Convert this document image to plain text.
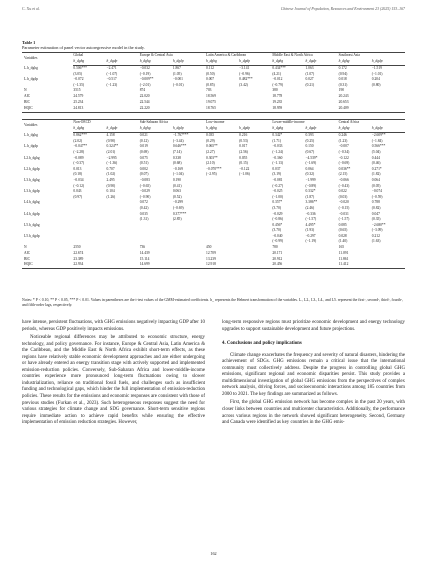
C. Xu et al.	Chinese Journal of Population, Resources and Environment 23 (2025) 153–167
Table 1
Parameter estimation of panel vector autoregressive model in the study.
Variables	Global		Europe & Central Asia		Latin America & Caribbean		Middle East & North Africa		Southeast Asia	
	h_dghg	h_dgdp	h_dghg	h_dgdp	h_dghg	h_dgdp	h_dghg	h_dgdp	h_dghg	h_dgdp
L.h_dghg	0.506***	−2.471	−0.032	1.867	0.112	−3.141	0.434***	1.063	0.172	−1.519
	(3.05)	(−1.07)	(−0.19)	(1.05)	(0.50)	(−0.96)	(4.21)	(1.07)	(0.94)	(−1.01)
L.h_dgdp	−0.072	−0.517	−0.009**	−0.001	0.007	0.482***	−0.012	0.027	0.018	0.204
	(−1.35)	(−1.23)	(−2.01)	(−0.01)	(0.85)	(3.42)	(−0.79)	(0.21)	(0.31)	(0.80)
N	3515		874		703		380		190	
AIC	24.579		22.020		18.569		18.778		20.243	
BIC	25.234		22.544		19.075		19.235		20.653	
HQIC	24.813		22.220		18.765		18.959		20.409	
Variables	Non-OECD		Sub-Saharan Africa		Low-income		Lower-middle-income		Central Africa	
	h_dghg	h_dgdp	h_dghg	h_dgdp	h_dghg	h_dgdp	h_dghg	h_dgdp	h_dghg	h_dgdp
L.h_dghg	0.862***	4.158	0.021	−1.767***	0.035	0.216	0.342*	0.393	0.246	−2.609**
	(2.02)	(0.90)	(0.12)	(−3.44)	(0.29)	(0.53)	(1.71)	(0.25)	(1.23)	(−1.84)
L.h_dgdp	−0.047**	0.324**	0.019	0.646***	0.065**	0.017	−0.033	0.150	−0.007	0.566***
	(−2.28)	(2.01)	(0.69)	(7.14)	(2.27)	(2.56)	(−1.24)	(0.67)	(−0.34)	(5.04)
L2.h_dghg	−0.089	−2.995	0.075	0.338	0.303**	0.055	−0.360	−4.539*	−0.122	0.444
	(−0.37)	(−1.36)	(0.51)	(0.68)	(2.10)	(0.15)	(−1.13)	(−1.69)	(−0.69)	(0.46)
L2.h_dgdp	0.013	0.707	0.002	−0.169	−0.070***	−0.122	0.037	0.064	0.036**	0.271*
	(0.18)	(1.02)	(0.07)	(−1.04)	(−2.95)	(−1.06)	(3.19)	(0.32)	(2.15)	(1.82)
L3.h_dghg	−0.034	2.495	−0.083	0.190			−0.081	−1.999	−0.066	0.064
	(−0.12)	(0.90)	(−0.65)	(0.41)			(−0.27)	(−0.89)	(−0.43)	(0.05)
L3.h_dgdp	0.043	0.104	−0.029	0.063			−0.025	0.332*	0.022	−0.074
	(0.97)	(1.26)	(−0.90)	(0.52)			(−1.00)	(1.87)	(0.03)	(−0.59)
L4.h_dghg			0.072	−0.299			0.357*	3.386**	−0.020	0.788
			(0.42)	(−0.69)			(3.70)	(2.46)	(−0.15)	(0.82)
L4.h_dgdp			0.035	0.377***			−0.029	−0.336	−0.031	0.047
			(1.31)	(2.85)			(−0.86)	(−1.57)	(−1.57)	(0.35)
L5.h_dghg							0.456*	4.495*	0.085	−2.680**
							(3.70)	(1.93)	(0.65)	(−3.09)
L5.h_dgdp							−0.040	−0.297	0.028	0.212
							(−0.99)	(−1.19)	(1.40)	(1.63)
N	2550		736		450		780		165	
AIC	22.674		14.439		12.709		20.171		11.091	
BIC	23.389		15.114		13.239		20.912		11.861	
HQIC	22.934		14.699		12.918		20.456		11.412	
Notes: * P < 0.10, ** P < 0.05, *** P < 0.01. Values in parentheses are the t-test values of the GMM-estimated coefficients. h_ represents the Helmert transformation of the variables. L., L2., L3., L4., and L5. represent the first-, second-, third-, fourth-, and fifth-order lags, respectively.

have intense, persistent fluctuations, with GHG emissions negatively impacting GDP after 10 periods, whereas GDP positively impacts emissions.

Noticeable regional differences may be attributed to economic structure, energy technology, and policy governance. For instance, Europe & Central Asia, Latin America & the Caribbean, and the Middle East & North Africa exhibit short-term effects, as these regions have relatively stable economic development approaches and are either undergoing or have already entered an energy transition stage with actively supported and implemented emission-reduction policies. Conversely, Sub-Saharan Africa and lower-middle-income countries experience more pronounced long-term fluctuations owing to slower industrialization, reliance on traditional fossil fuels, and challenges such as insufficient funding and technological gaps, which hinder the full implementation of emission-reduction policies. These results for the emissions and economic responses are consistent with those of previous studies (Furkan et al., 2023). Such heterogeneous responses suggest the need for various strategies for climate change and SDG governance. Short-term sensitive regions require immediate action to achieve rapid benefits while ensuring the effective implementation of emission reduction strategies. However,

long-term responsive regions must prioritize economic development and energy technology upgrades to support sustainable development and future projections.

4. Conclusions and policy implications

Climate change exacerbates the frequency and severity of natural disasters, hindering the achievement of SDGs. GHG emissions remain a critical issue that the international community must collectively address. Despite the progress in controlling global GHG emissions, significant regional and economic disparities persist. This study provides a multidimensional investigation of global GHG emissions from the perspectives of complex network analysis, driving forces, and socioeconomic interactions among 185 countries from 2000 to 2021. The key findings are summarized as follows.

First, the global GHG emission network has become complex in the past 20 years, with closer links between countries and multicenter characteristics. Additionally, the performance across various regions in the network showed significant heterogeneity. Second, Germany and Canada were identified as key countries in the GHG emis-

162
